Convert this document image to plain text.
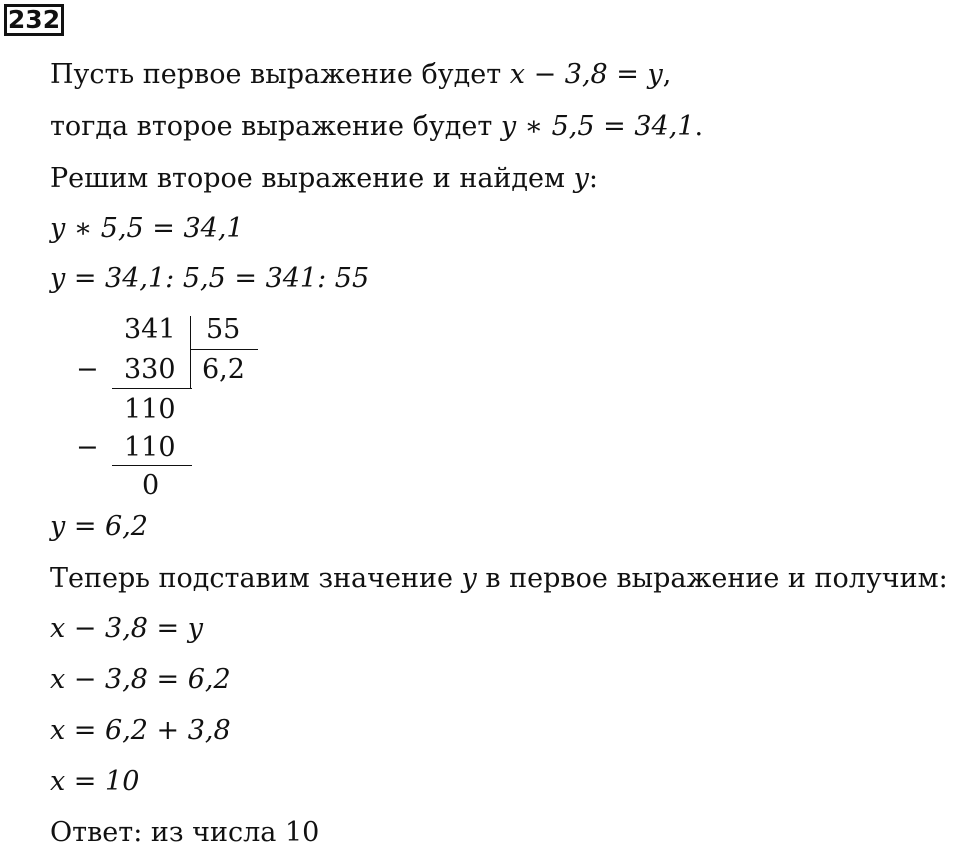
232
Пусть первое выражение будет x − 3,8 = y,
тогда второе выражение будет y ∗ 5,5 = 34,1.
Решим второе выражение и найдем y:
y ∗ 5,5 = 34,1
y = 34,1: 5,5 = 341: 55
341 55
− 330 6,2
110
− 110
0
y = 6,2
Теперь подставим значение y в первое выражение и получим:
x − 3,8 = y
x − 3,8 = 6,2
x = 6,2 + 3,8
x = 10
Ответ: из числа 10
